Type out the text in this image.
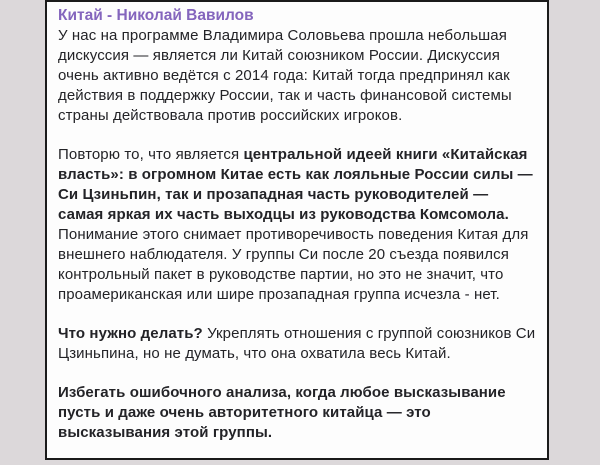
Китай - Николай Вавилов

У нас на программе Владимира Соловьева прошла небольшая дискуссия — является ли Китай союзником России. Дискуссия очень активно ведётся с 2014 года: Китай тогда предпринял как действия в поддержку России, так и часть финансовой системы страны действовала против российских игроков.

Повторю то, что является центральной идеей книги «Китайская власть»: в огромном Китае есть как лояльные России силы — Си Цзиньпин, так и прозападная часть руководителей — самая яркая их часть выходцы из руководства Комсомола. Понимание этого снимает противоречивость поведения Китая для внешнего наблюдателя. У группы Си после 20 съезда появился контрольный пакет в руководстве партии, но это не значит, что проамериканская или шире прозападная группа исчезла - нет.

Что нужно делать? Укреплять отношения с группой союзников Си Цзиньпина, но не думать, что она охватила весь Китай.

Избегать ошибочного анализа, когда любое высказывание пусть и даже очень авторитетного китайца — это высказывания этой группы.
